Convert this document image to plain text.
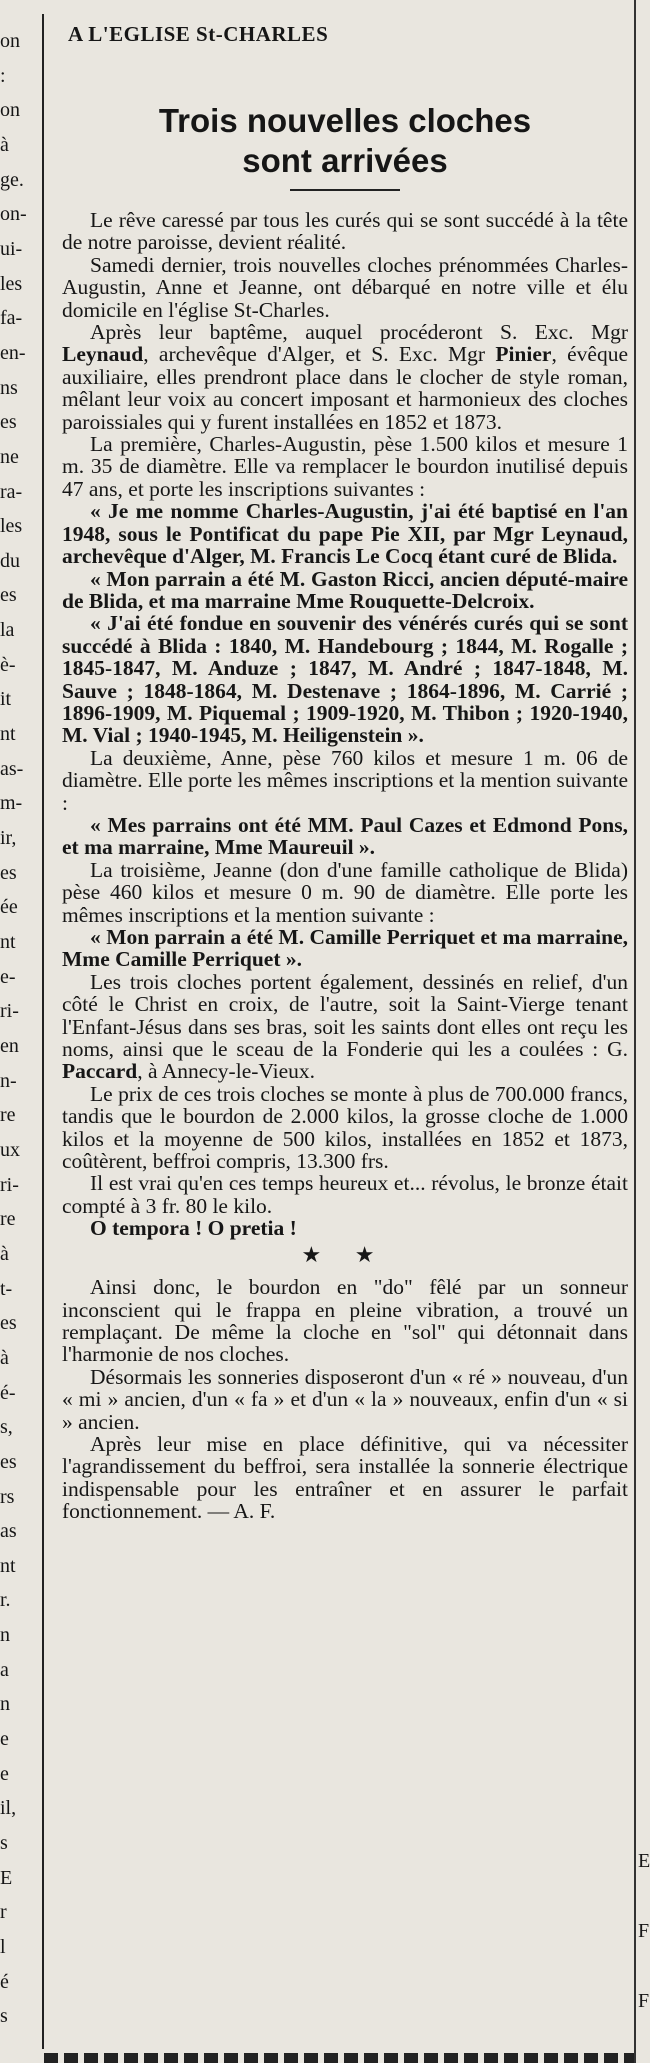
on
:
on
à
ge.
on-
ui-
les
fa-
en-
ns
es
ne
ra-
les
du
es
la
è-
it
nt
as-
m-
ir,
es
ée
nt
e-
ri-
en
n-
re
ux
ri-
re
à
t-
es
à
é-
s,
es
rs
as
nt
r.
n
a
n
e
e
il,
s
E
r
l
é
s
A L'EGLISE St-CHARLES
Trois nouvelles cloches
sont arrivées

Le rêve caressé par tous les curés qui se sont succédé à la tête de notre paroisse, devient réalité.

Samedi dernier, trois nouvelles cloches prénommées Charles-Augustin, Anne et Jeanne, ont débarqué en notre ville et élu domicile en l'église St-Charles.

Après leur baptême, auquel procéderont S. Exc. Mgr Leynaud, archevêque d'Alger, et S. Exc. Mgr Pinier, évêque auxiliaire, elles prendront place dans le clocher de style roman, mêlant leur voix au concert imposant et harmonieux des cloches paroissiales qui y furent installées en 1852 et 1873.

La première, Charles-Augustin, pèse 1.500 kilos et mesure 1 m. 35 de diamètre. Elle va remplacer le bourdon inutilisé depuis 47 ans, et porte les inscriptions suivantes :

« Je me nomme Charles-Augustin, j'ai été baptisé en l'an 1948, sous le Pontificat du pape Pie XII, par Mgr Leynaud, archevêque d'Alger, M. Francis Le Cocq étant curé de Blida.

« Mon parrain a été M. Gaston Ricci, ancien député-maire de Blida, et ma marraine Mme Rouquette-Delcroix.

« J'ai été fondue en souvenir des vénérés curés qui se sont succédé à Blida : 1840, M. Handebourg ; 1844, M. Rogalle ; 1845-1847, M. Anduze ; 1847, M. André ; 1847-1848, M. Sauve ; 1848-1864, M. Destenave ; 1864-1896, M. Carrié ; 1896-1909, M. Piquemal ; 1909-1920, M. Thibon ; 1920-1940, M. Vial ; 1940-1945, M. Heiligenstein ».

La deuxième, Anne, pèse 760 kilos et mesure 1 m. 06 de diamètre. Elle porte les mêmes inscriptions et la mention suivante :

« Mes parrains ont été MM. Paul Cazes et Edmond Pons, et ma marraine, Mme Maureuil ».

La troisième, Jeanne (don d'une famille catholique de Blida) pèse 460 kilos et mesure 0 m. 90 de diamètre. Elle porte les mêmes inscriptions et la mention suivante :

« Mon parrain a été M. Camille Perriquet et ma marraine, Mme Camille Perriquet ».

Les trois cloches portent également, dessinés en relief, d'un côté le Christ en croix, de l'autre, soit la Saint-Vierge tenant l'Enfant-Jésus dans ses bras, soit les saints dont elles ont reçu les noms, ainsi que le sceau de la Fonderie qui les a coulées : G. Paccard, à Annecy-le-Vieux.

Le prix de ces trois cloches se monte à plus de 700.000 francs, tandis que le bourdon de 2.000 kilos, la grosse cloche de 1.000 kilos et la moyenne de 500 kilos, installées en 1852 et 1873, coûtèrent, beffroi compris, 13.300 frs.

Il est vrai qu'en ces temps heureux et... révolus, le bronze était compté à 3 fr. 80 le kilo.

O tempora ! O pretia !

★ ★

Ainsi donc, le bourdon en "do" fêlé par un sonneur inconscient qui le frappa en pleine vibration, a trouvé un remplaçant. De même la cloche en "sol" qui détonnait dans l'harmonie de nos cloches.

Désormais les sonneries disposeront d'un « ré » nouveau, d'un « mi » ancien, d'un « fa » et d'un « la » nouveaux, enfin d'un « si » ancien.

Après leur mise en place définitive, qui va nécessiter l'agrandissement du beffroi, sera installée la sonnerie électrique indispensable pour les entraîner et en assurer le parfait fonctionnement. — A. F.

E
F
F
